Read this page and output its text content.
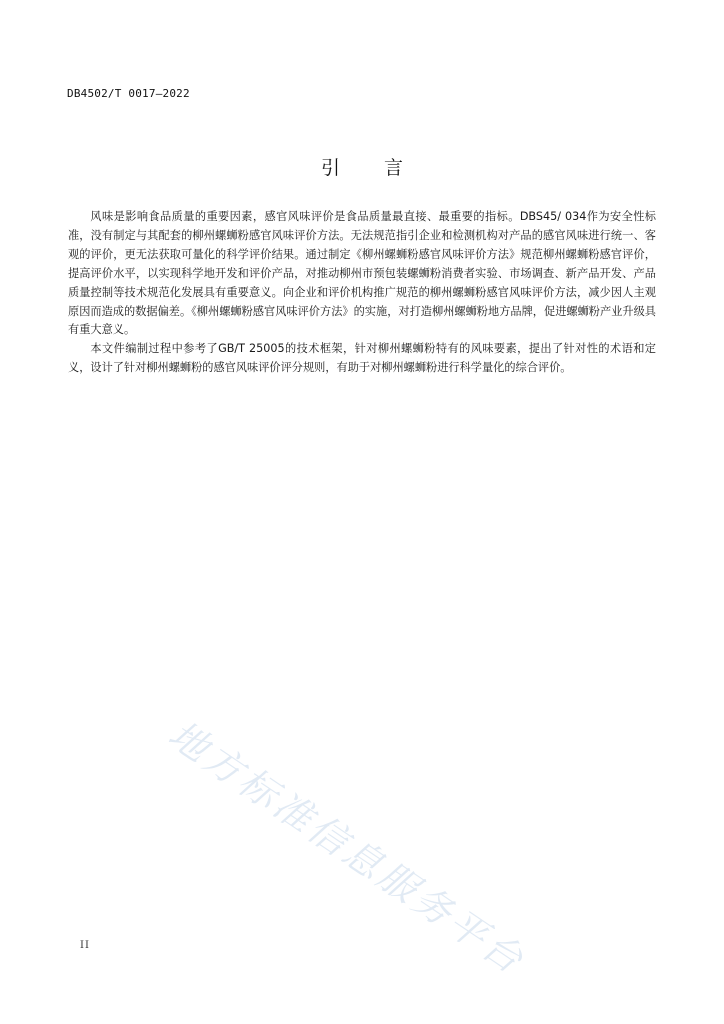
DB4502/T 0017—2022
引言

风味是影响食品质量的重要因素，感官风味评价是食品质量最直接、最重要的指标。DBS45/ 034作为安全性标准，没有制定与其配套的柳州螺蛳粉感官风味评价方法。无法规范指引企业和检测机构对产品的感官风味进行统一、客观的评价，更无法获取可量化的科学评价结果。通过制定《柳州螺蛳粉感官风味评价方法》规范柳州螺蛳粉感官评价，提高评价水平，以实现科学地开发和评价产品，对推动柳州市预包装螺蛳粉消费者实验、市场调查、新产品开发、产品质量控制等技术规范化发展具有重要意义。向企业和评价机构推广规范的柳州螺蛳粉感官风味评价方法，减少因人主观原因而造成的数据偏差。《柳州螺蛳粉感官风味评价方法》的实施，对打造柳州螺蛳粉地方品牌，促进螺蛳粉产业升级具有重大意义。

本文件编制过程中参考了GB/T 25005的技术框架，针对柳州螺蛳粉特有的风味要素，提出了针对性的术语和定义，设计了针对柳州螺蛳粉的感官风味评价评分规则，有助于对柳州螺蛳粉进行科学量化的综合评价。

地方标准信息服务平台
II
